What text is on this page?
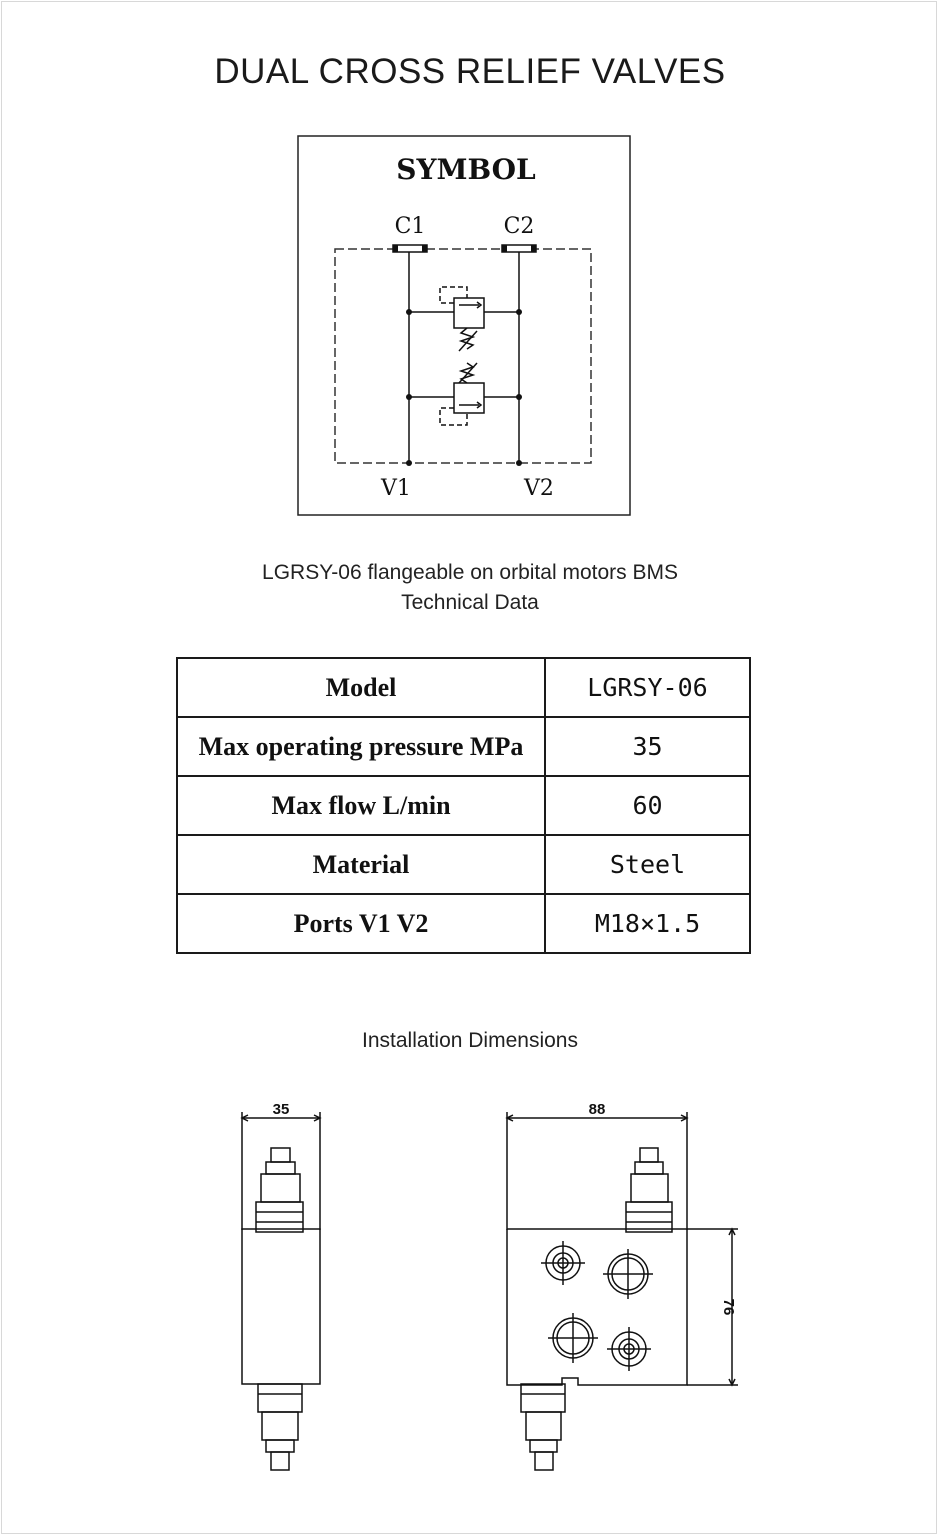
DUAL CROSS RELIEF VALVES
SYMBOL
C1	C2
V1	V2
LGRSY-06 flangeable on orbital motors BMS
Technical Data
Model	LGRSY-06
Max operating pressure MPa	35
Max flow L/min	60
Material	Steel
Ports V1 V2	M18×1.5
Installation Dimensions
35	88
76
